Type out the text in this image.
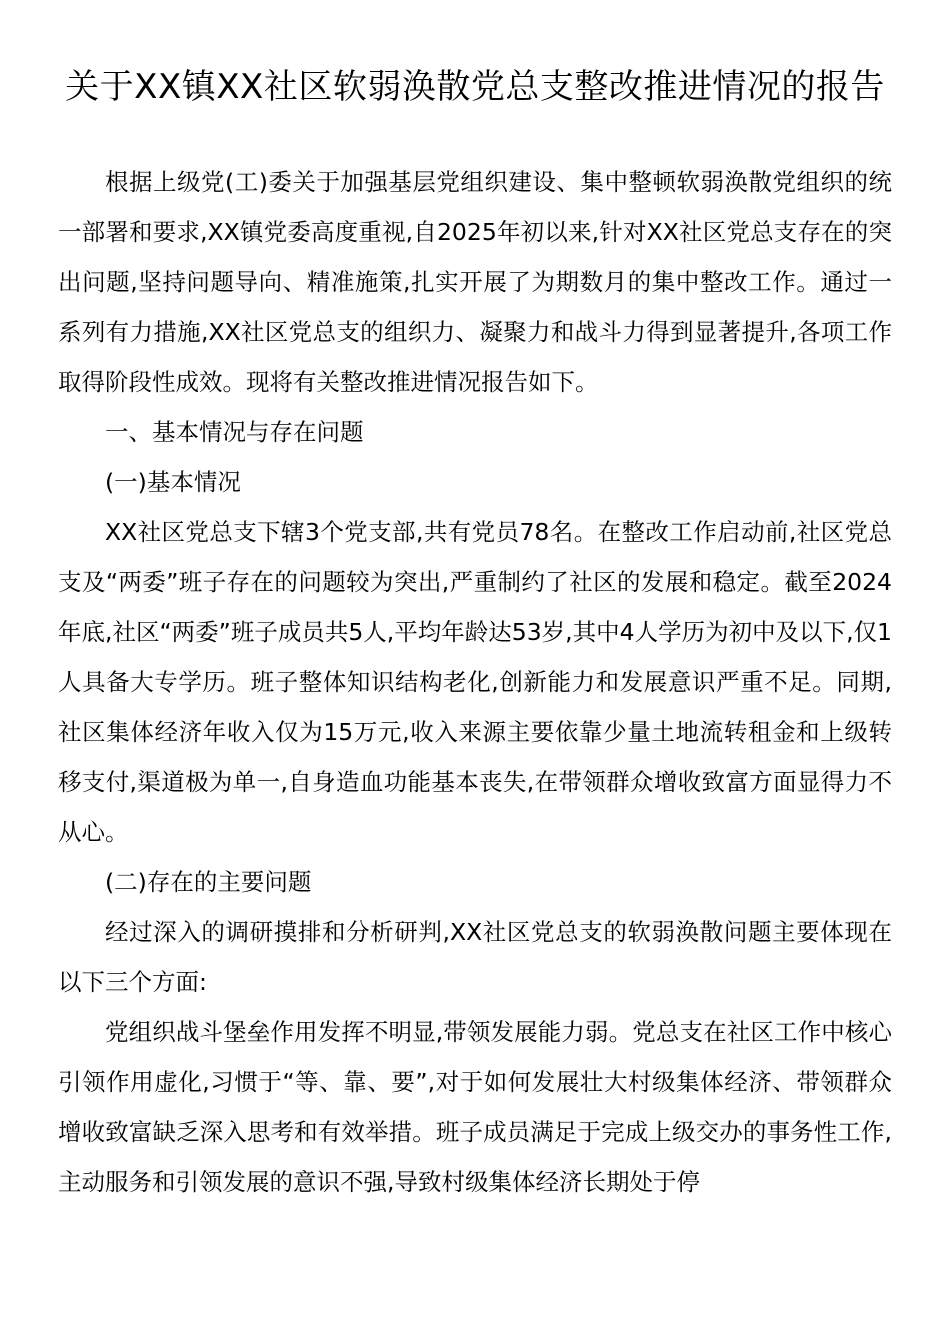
关于XX镇XX社区软弱涣散党总支整改推进情况的报告

根据上级党(工)委关于加强基层党组织建设、集中整顿软弱涣散党组织的统一部署和要求,XX镇党委高度重视,自2025年初以来,针对XX社区党总支存在的突出问题,坚持问题导向、精准施策,扎实开展了为期数月的集中整改工作。通过一系列有力措施,XX社区党总支的组织力、凝聚力和战斗力得到显著提升,各项工作取得阶段性成效。现将有关整改推进情况报告如下。

一、基本情况与存在问题

(一)基本情况

XX社区党总支下辖3个党支部,共有党员78名。在整改工作启动前,社区党总支及“两委”班子存在的问题较为突出,严重制约了社区的发展和稳定。截至2024年底,社区“两委”班子成员共5人,平均年龄达53岁,其中4人学历为初中及以下,仅1人具备大专学历。班子整体知识结构老化,创新能力和发展意识严重不足。同期,社区集体经济年收入仅为15万元,收入来源主要依靠少量土地流转租金和上级转移支付,渠道极为单一,自身造血功能基本丧失,在带领群众增收致富方面显得力不从心。

(二)存在的主要问题

经过深入的调研摸排和分析研判,XX社区党总支的软弱涣散问题主要体现在以下三个方面:

党组织战斗堡垒作用发挥不明显,带领发展能力弱。党总支在社区工作中核心引领作用虚化,习惯于“等、靠、要”,对于如何发展壮大村级集体经济、带领群众增收致富缺乏深入思考和有效举措。班子成员满足于完成上级交办的事务性工作,主动服务和引领发展的意识不强,导致村级集体经济长期处于停
